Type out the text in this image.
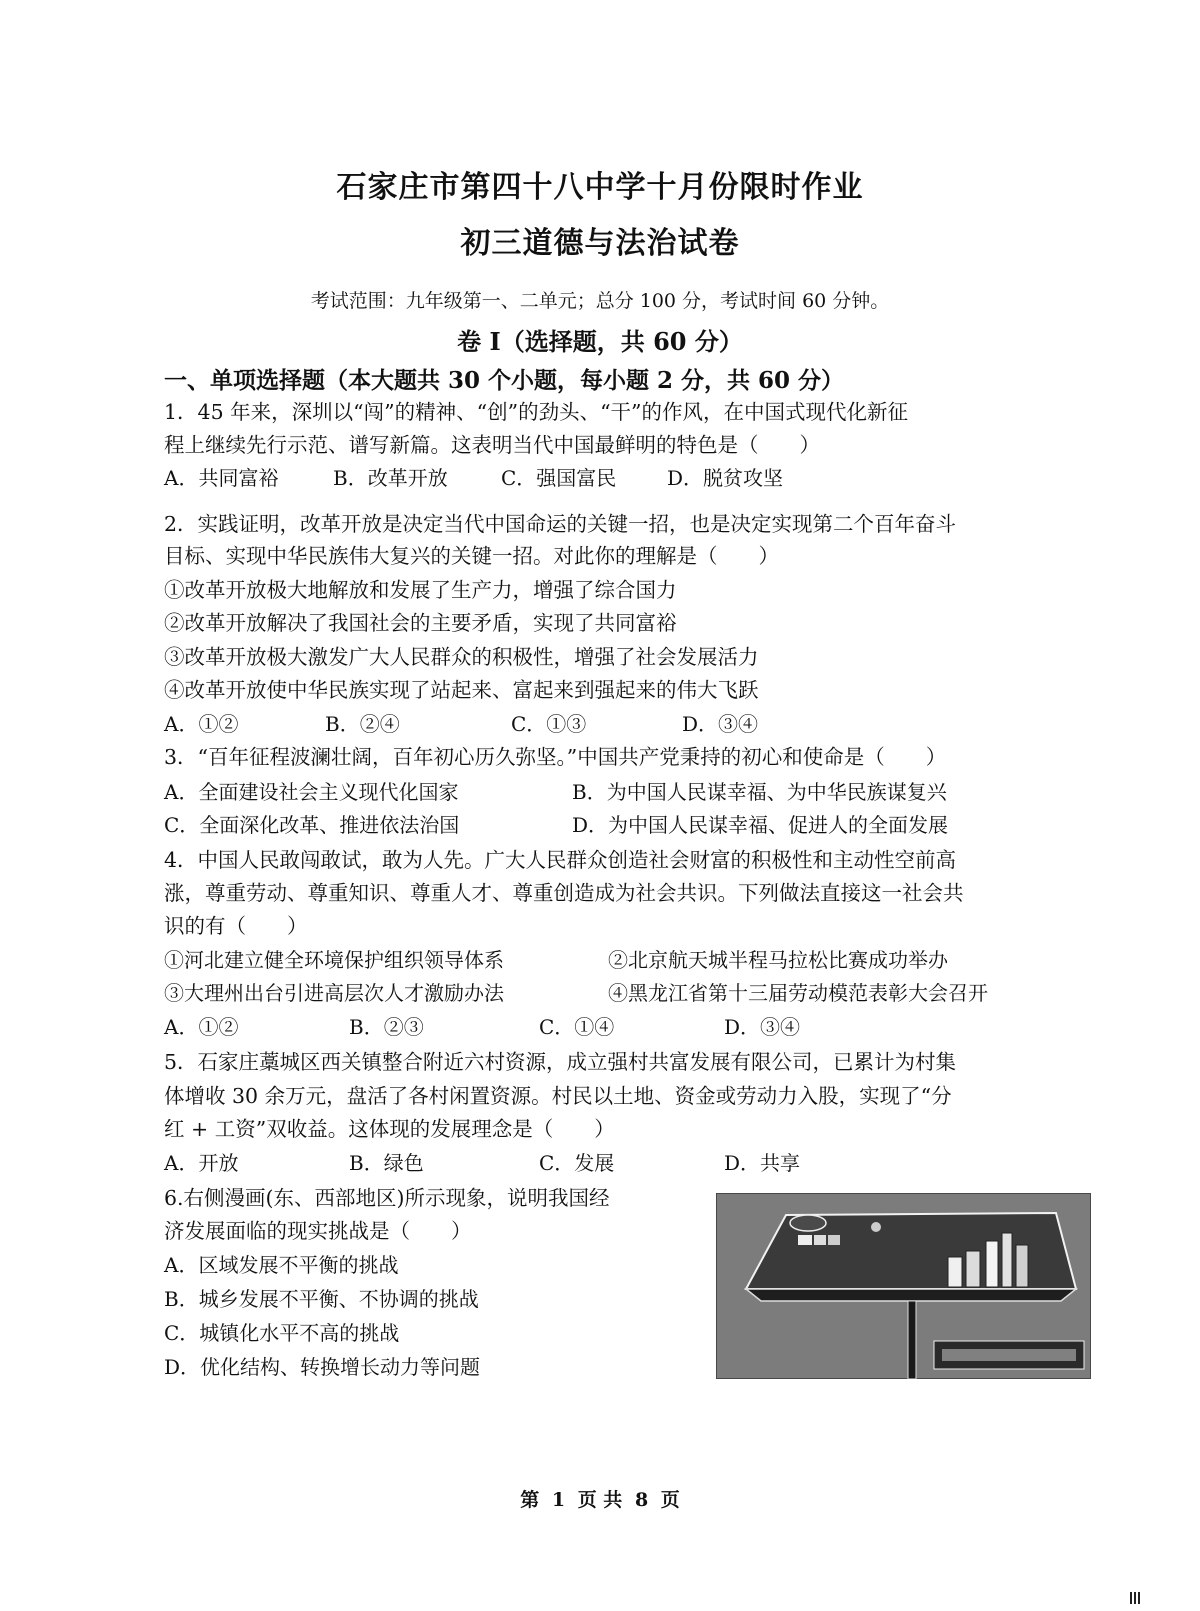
石家庄市第四十八中学十月份限时作业
初三道德与法治试卷
考试范围：九年级第一、二单元；总分 100 分，考试时间 60 分钟。
卷 I（选择题，共 60 分）
一、单项选择题（本大题共 30 个小题，每小题 2 分，共 60 分）
1．45 年来，深圳以“闯”的精神、“创”的劲头、“干”的作风，在中国式现代化新征
程上继续先行示范、谱写新篇。这表明当代中国最鲜明的特色是（　　）
A．共同富裕	B．改革开放	C．强国富民	D．脱贫攻坚
2．实践证明，改革开放是决定当代中国命运的关键一招，也是决定实现第二个百年奋斗
目标、实现中华民族伟大复兴的关键一招。对此你的理解是（　　）
①改革开放极大地解放和发展了生产力，增强了综合国力
②改革开放解决了我国社会的主要矛盾，实现了共同富裕
③改革开放极大激发广大人民群众的积极性，增强了社会发展活力
④改革开放使中华民族实现了站起来、富起来到强起来的伟大飞跃
A．①②	B．②④	C．①③	D．③④
3．“百年征程波澜壮阔，百年初心历久弥坚。”中国共产党秉持的初心和使命是（　　）
A．全面建设社会主义现代化国家	B．为中国人民谋幸福、为中华民族谋复兴
C．全面深化改革、推进依法治国	D．为中国人民谋幸福、促进人的全面发展
4．中国人民敢闯敢试，敢为人先。广大人民群众创造社会财富的积极性和主动性空前高
涨，尊重劳动、尊重知识、尊重人才、尊重创造成为社会共识。下列做法直接这一社会共
识的有（　　）
①河北建立健全环境保护组织领导体系	②北京航天城半程马拉松比赛成功举办
③大理州出台引进高层次人才激励办法	④黑龙江省第十三届劳动模范表彰大会召开
A．①②	B．②③	C．①④	D．③④
5．石家庄藁城区西关镇整合附近六村资源，成立强村共富发展有限公司，已累计为村集
体增收 30 余万元，盘活了各村闲置资源。村民以土地、资金或劳动力入股，实现了“分
红 + 工资”双收益。这体现的发展理念是（　　）
A．开放	B．绿色	C．发展	D．共享
6.右侧漫画(东、西部地区)所示现象，说明我国经
济发展面临的现实挑战是（　　）
A．区域发展不平衡的挑战
B．城乡发展不平衡、不协调的挑战
C．城镇化水平不高的挑战
D．优化结构、转换增长动力等问题
第 1 页 共 8 页
